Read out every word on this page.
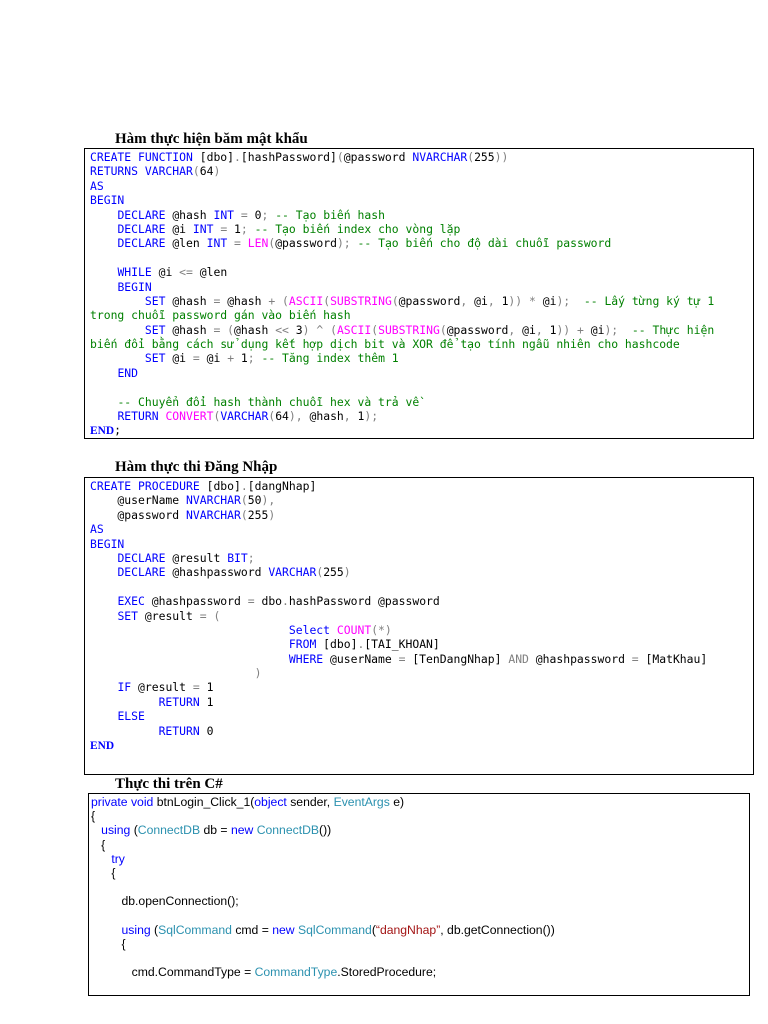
Hàm thực hiện băm mật khẩu
CREATE FUNCTION [dbo].[hashPassword](@password NVARCHAR(255))
RETURNS VARCHAR(64)
AS
BEGIN
DECLARE @hash INT = 0; -- Tạo biến hash
DECLARE @i INT = 1; -- Tạo biến index cho vòng lặp
DECLARE @len INT = LEN(@password); -- Tạo biến cho độ dài chuỗi password

WHILE @i <= @len
BEGIN
SET @hash = @hash + (ASCII(SUBSTRING(@password, @i, 1)) * @i);  -- Lấy từng ký tự 1
trong chuỗi password gán vào biến hash
SET @hash = (@hash << 3) ^ (ASCII(SUBSTRING(@password, @i, 1)) + @i);  -- Thực hiện
biến đổi bằng cách sử dụng kết hợp dịch bit và XOR để tạo tính ngẫu nhiên cho hashcode
SET @i = @i + 1; -- Tăng index thêm 1
END

-- Chuyển đổi hash thành chuỗi hex và trả về
RETURN CONVERT(VARCHAR(64), @hash, 1);
END;
Hàm thực thi Đăng Nhập
CREATE PROCEDURE [dbo].[dangNhap]
@userName NVARCHAR(50),
@password NVARCHAR(255)
AS
BEGIN
DECLARE @result BIT;
DECLARE @hashpassword VARCHAR(255)

EXEC @hashpassword = dbo.hashPassword @password
SET @result = (
Select COUNT(*)
FROM [dbo].[TAI_KHOAN]
WHERE @userName = [TenDangNhap] AND @hashpassword = [MatKhau]
)
IF @result = 1
RETURN 1
ELSE
RETURN 0
END
Thực thi trên C#
private void btnLogin_Click_1(object sender, EventArgs e)
{
using (ConnectDB db = new ConnectDB())
{
try
{

db.openConnection();

using (SqlCommand cmd = new SqlCommand(“dangNhap”, db.getConnection())
{

cmd.CommandType = CommandType.StoredProcedure;
